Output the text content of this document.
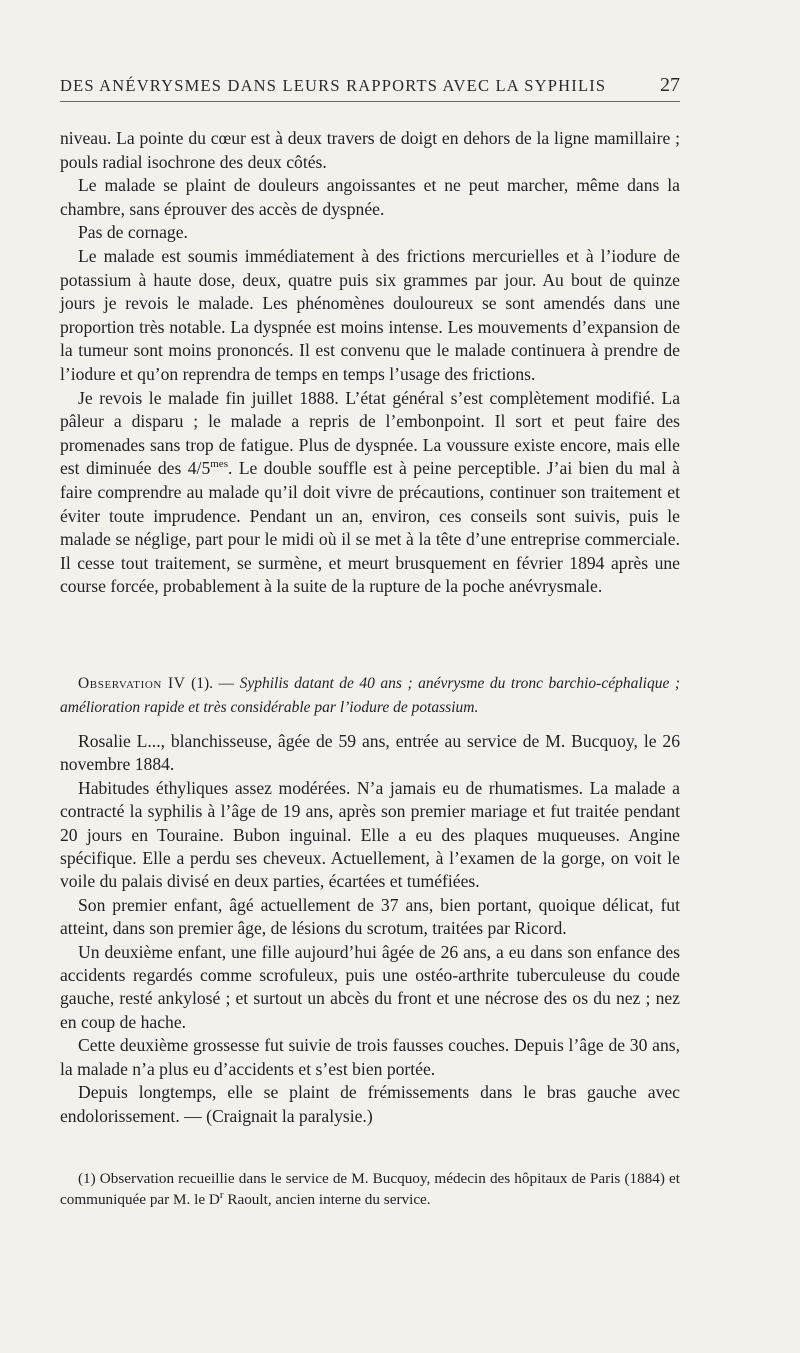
DES ANÉVRYSMES DANS LEURS RAPPORTS AVEC LA SYPHILIS	27

niveau. La pointe du cœur est à deux travers de doigt en dehors de la ligne mamillaire ; pouls radial isochrone des deux côtés.

Le malade se plaint de douleurs angoissantes et ne peut marcher, même dans la chambre, sans éprouver des accès de dyspnée.

Pas de cornage.

Le malade est soumis immédiatement à des frictions mercurielles et à l’iodure de potassium à haute dose, deux, quatre puis six grammes par jour. Au bout de quinze jours je revois le malade. Les phénomènes douloureux se sont amendés dans une proportion très notable. La dyspnée est moins intense. Les mouvements d’expansion de la tumeur sont moins prononcés. Il est convenu que le malade continuera à prendre de l’iodure et qu’on reprendra de temps en temps l’usage des frictions.

Je revois le malade fin juillet 1888. L’état général s’est complètement modifié. La pâleur a disparu ; le malade a repris de l’embonpoint. Il sort et peut faire des promenades sans trop de fatigue. Plus de dyspnée. La voussure existe encore, mais elle est diminuée des $4/5^{mes}$. Le double souffle est à peine perceptible. J’ai bien du mal à faire comprendre au malade qu’il doit vivre de précautions, continuer son traitement et éviter toute imprudence. Pendant un an, environ, ces conseils sont suivis, puis le malade se néglige, part pour le midi où il se met à la tête d’une entreprise commerciale. Il cesse tout traitement, se surmène, et meurt brusquement en février 1894 après une course forcée, probablement à la suite de la rupture de la poche anévrysmale.

Observation IV (1). — Syphilis datant de 40 ans ; anévrysme du tronc barchio-céphalique ; amélioration rapide et très considérable par l’iodure de potassium.

Rosalie L..., blanchisseuse, âgée de 59 ans, entrée au service de M. Bucquoy, le 26 novembre 1884.

Habitudes éthyliques assez modérées. N’a jamais eu de rhumatismes. La malade a contracté la syphilis à l’âge de 19 ans, après son premier mariage et fut traitée pendant 20 jours en Touraine. Bubon inguinal. Elle a eu des plaques muqueuses. Angine spécifique. Elle a perdu ses cheveux. Actuellement, à l’examen de la gorge, on voit le voile du palais divisé en deux parties, écartées et tuméfiées.

Son premier enfant, âgé actuellement de 37 ans, bien portant, quoique délicat, fut atteint, dans son premier âge, de lésions du scrotum, traitées par Ricord.

Un deuxième enfant, une fille aujourd’hui âgée de 26 ans, a eu dans son enfance des accidents regardés comme scrofuleux, puis une ostéo-arthrite tuberculeuse du coude gauche, resté ankylosé ; et surtout un abcès du front et une nécrose des os du nez ; nez en coup de hache.

Cette deuxième grossesse fut suivie de trois fausses couches. Depuis l’âge de 30 ans, la malade n’a plus eu d’accidents et s’est bien portée.

Depuis longtemps, elle se plaint de frémissements dans le bras gauche avec endolorissement. — (Craignait la paralysie.)

(1) Observation recueillie dans le service de M. Bucquoy, médecin des hôpitaux de Paris (1884) et communiquée par M. le $D^r$ Raoult, ancien interne du service.
